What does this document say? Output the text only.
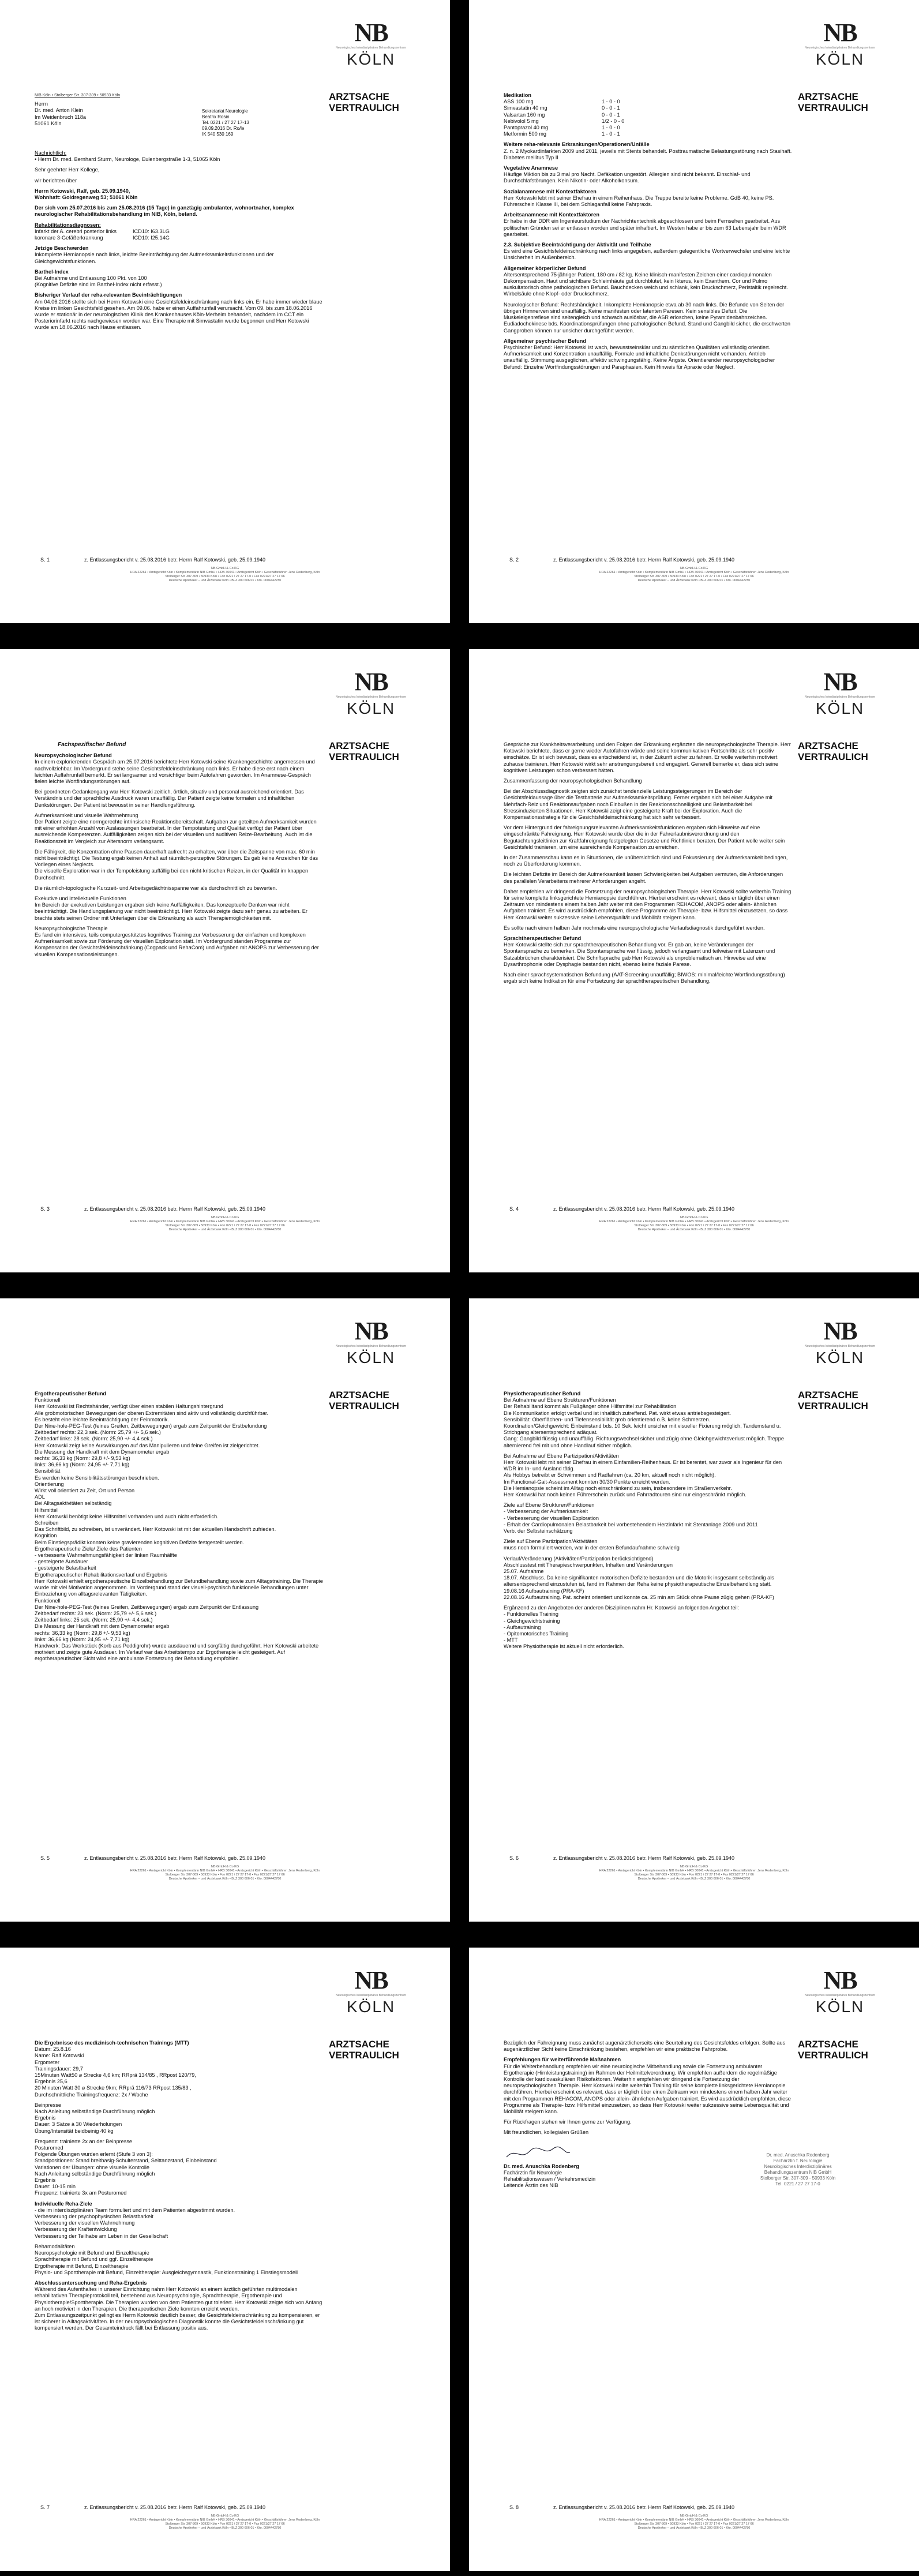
NB
Neurologisches Interdisziplinäres Behandlungszentrum
KÖLN
ARZTSACHE
VERTRAULICH
Sekretariat Neurologie
Beatrix Rosin
Tel. 0221 / 27 27 17-13
09.09.2016 Dr. Ro/le
IK 540 530 169
NIB Köln • Stolberger Str. 307-309 • 50933 Köln
Herrn
Dr. med. Anton Klein
Im Weidenbruch 118a
51061 Köln
Nachrichtlich:
• Herrn Dr. med. Bernhard Sturm, Neurologe, Eulenbergstraße 1-3, 51065 Köln
Sehr geehrter Herr Kollege,
wir berichten über
Herrn Kotowski, Ralf, geb. 25.09.1940,
Wohnhaft: Goldregenweg 53; 51061 Köln
Der sich vom 25.07.2016 bis zum 25.08.2016 (15 Tage) in ganztägig ambulanter, wohnortnaher, komplex neurologischer Rehabilitationsbehandlung im NIB, Köln, befand.
Rehabilitationsdiagnosen:
Infarkt der A. cerebri posterior links	ICD10: I63.3LG
koronare 3-Gefäßerkrankung	ICD10: I25.14G
Jetzige Beschwerden
Inkomplette Hemianopsie nach links, leichte Beeinträchtigung der Aufmerksamkeitsfunktionen und der Gleichgewichtsfunktionen.
Barthel-Index
Bei Aufnahme und Entlassung 100 Pkt. von 100
(Kognitive Defizite sind im Barthel-Index nicht erfasst.)
Bisheriger Verlauf der reha-relevanten Beeinträchtigungen
Am 04.06.2016 stellte sich bei Herrn Kotowski eine Gesichtsfeldeinschränkung nach links ein. Er habe immer wieder blaue Kreise im linken Gesichtsfeld gesehen. Am 09.06. habe er einen Auffahrunfall verursacht. Vom 09. bis zum 18.06.2016 wurde er stationär in der neurologischen Klinik des Krankenhauses Köln-Merheim behandelt, nachdem im CCT ein Posteriorinfarkt rechts nachgewiesen worden war. Eine Therapie mit Simvastatin wurde begonnen und Herr Kotowski wurde am 18.06.2016 nach Hause entlassen.
S. 1	z. Entlassungsbericht v. 25.08.2016 betr. Herrn Ralf Kotowski, geb. 25.09.1940
NB GmbH & Co KG
HRA 22261 • Amtsgericht Köln • Komplementärin NIB GmbH • HRB 30041 • Amtsgericht Köln • Geschäftsführer: Jens Rodenberg, Köln
Stolberger Str. 307-309 • 50933 Köln • Fon 0221 / 27 27 17-0 • Fax 0221/27 27 17 66
Deutsche Apotheker – und Ärztebank Köln • BLZ 300 606 01 • Kto. 0004442780
NB
Neurologisches Interdisziplinäres Behandlungszentrum
KÖLN
ARZTSACHE
VERTRAULICH
Medikation
ASS 100 mg	1 - 0 - 0
Simvastatin 40 mg	0 - 0 - 1
Valsartan 160 mg	0 - 0 - 1
Nebivolol 5 mg	1/2 - 0 - 0
Pantoprazol 40 mg	1 - 0 - 0
Metformin 500 mg	1 - 0 - 1
Weitere reha-relevante Erkrankungen/Operationen/Unfälle
Z. n. 2 Myokardinfarkten 2009 und 2011, jeweils mit Stents behandelt. Posttraumatische Belastungsstörung nach Stasihaft. Diabetes mellitus Typ II
Vegetative Anamnese
Häufige Miktion bis zu 3 mal pro Nacht. Defäkation ungestört. Allergien sind nicht bekannt. Einschlaf- und Durchschlafstörungen. Kein Nikotin- oder Alkoholkonsum.
Sozialanamnese mit Kontextfaktoren
Herr Kotowski lebt mit seiner Ehefrau in einem Reihenhaus. Die Treppe bereite keine Probleme. GdB 40, keine PS. Führerschein Klasse III, bei dem Schlaganfall keine Fahrpraxis.
Arbeitsanamnese mit Kontextfaktoren
Er habe in der DDR ein Ingenieurstudium der Nachrichtentechnik abgeschlossen und beim Fernsehen gearbeitet. Aus politischen Gründen sei er entlassen worden und später inhaftiert. Im Westen habe er bis zum 63 Lebensjahr beim WDR gearbeitet.
2.3. Subjektive Beeinträchtigung der Aktivität und Teilhabe
Es wird eine Gesichtsfeldeinschränkung nach links angegeben, außerdem gelegentliche Wortverwechsler und eine leichte Unsicherheit im Außenbereich.
Allgemeiner körperlicher Befund
Altersentsprechend 75-jähriger Patient, 180 cm / 82 kg. Keine klinisch-manifesten Zeichen einer cardiopulmonalen Dekompensation. Haut und sichtbare Schleimhäute gut durchblutet, kein Ikterus, kein Exanthem. Cor und Pulmo auskultatorisch ohne pathologischen Befund. Bauchdecken weich und schlank, kein Druckschmerz, Peristaltik regelrecht. Wirbelsäule ohne Klopf- oder Druckschmerz.
Neurologischer Befund: Rechtshändigkeit. Inkomplette Hemianopsie etwa ab 30 nach links. Die Befunde von Seiten der übrigen Hirnnerven sind unauffällig. Keine manifesten oder latenten Paresen. Kein sensibles Defizit. Die Muskeleigenreflexe sind seitengleich und schwach auslösbar, die ASR erloschen, keine Pyramidenbahnzeichen. Eudiadochokinese bds. Koordinationsprüfungen ohne pathologischen Befund. Stand und Gangbild sicher, die erschwerten Gangproben können nur unsicher durchgeführt werden.
Allgemeiner psychischer Befund
Psychischer Befund: Herr Kotowski ist wach, bewusstseinsklar und zu sämtlichen Qualitäten vollständig orientiert. Aufmerksamkeit und Konzentration unauffällig. Formale und inhaltliche Denkstörungen nicht vorhanden. Antrieb unauffällig. Stimmung ausgeglichen, affektiv schwingungsfähig. Keine Ängste. Orientierender neuropsychologischer Befund: Einzelne Wortfindungsstörungen und Paraphasien. Kein Hinweis für Apraxie oder Neglect.
S. 2	z. Entlassungsbericht v. 25.08.2016 betr. Herrn Ralf Kotowski, geb. 25.09.1940
NB GmbH & Co KG
HRA 22261 • Amtsgericht Köln • Komplementärin NIB GmbH • HRB 30041 • Amtsgericht Köln • Geschäftsführer: Jens Rodenberg, Köln
Stolberger Str. 307-309 • 50933 Köln • Fon 0221 / 27 27 17-0 • Fax 0221/27 27 17 66
Deutsche Apotheker – und Ärztebank Köln • BLZ 300 606 01 • Kto. 0004442780
NB
Neurologisches Interdisziplinäres Behandlungszentrum
KÖLN
ARZTSACHE
VERTRAULICH
Fachspezifischer Befund
Neuropsychologischer Befund
In einem explorierenden Gespräch am 25.07.2016 berichtete Herr Kotowski seine Krankengeschichte angemessen und nachvollziehbar. Im Vordergrund stehe seine Gesichtsfeldeinschränkung nach links. Er habe diese erst nach einem leichten Auffahrunfall bemerkt. Er sei langsamer und vorsichtiger beim Autofahren geworden. Im Anamnese-Gespräch fielen leichte Wortfindungsstörungen auf.
Bei geordneten Gedankengang war Herr Kotowski zeitlich, örtlich, situativ und personal ausreichend orientiert. Das Verständnis und der sprachliche Ausdruck waren unauffällig. Der Patient zeigte keine formalen und inhaltlichen Denkstörungen. Der Patient ist bewusst in seiner Handlungsführung.
Aufmerksamkeit und visuelle Wahrnehmung
Der Patient zeigte eine normgerechte intrinsische Reaktionsbereitschaft. Aufgaben zur geteilten Aufmerksamkeit wurden mit einer erhöhten Anzahl von Auslassungen bearbeitet. In der Tempotestung und Qualität verfügt der Patient über ausreichende Kompetenzen. Auffälligkeiten zeigen sich bei der visuellen und auditiven Reize-Bearbeitung. Auch ist die Reaktionszeit im Vergleich zur Altersnorm verlangsamt.
Die Fähigkeit, die Konzentration ohne Pausen dauerhaft aufrecht zu erhalten, war über die Zeitspanne von max. 60 min nicht beeinträchtigt. Die Testung ergab keinen Anhalt auf räumlich-perzeptive Störungen. Es gab keine Anzeichen für das Vorliegen eines Neglects.
Die visuelle Exploration war in der Tempoleistung auffällig bei den nicht-kritischen Reizen, in der Qualität im knappen Durchschnitt.
Die räumlich-topologische Kurzzeit- und Arbeitsgedächtnisspanne war als durchschnittlich zu bewerten.
Exekutive und intellektuelle Funktionen
Im Bereich der exekutiven Leistungen ergaben sich keine Auffälligkeiten. Das konzeptuelle Denken war nicht beeinträchtigt. Die Handlungsplanung war nicht beeinträchtigt. Herr Kotowski zeigte dazu sehr genau zu arbeiten. Er brachte stets seinen Ordner mit Unterlagen über die Erkrankung als auch Therapiemöglichkeiten mit.
Neuropsychologische Therapie
Es fand ein intensives, teils computergestütztes kognitives Training zur Verbesserung der einfachen und komplexen Aufmerksamkeit sowie zur Förderung der visuellen Exploration statt. Im Vordergrund standen Programme zur Kompensation der Gesichtsfeldeinschränkung (Cogpack und RehaCom) und Aufgaben mit ANOPS zur Verbesserung der visuellen Kompensationsleistungen.
S. 3	z. Entlassungsbericht v. 25.08.2016 betr. Herrn Ralf Kotowski, geb. 25.09.1940
NB GmbH & Co KG
HRA 22261 • Amtsgericht Köln • Komplementärin NIB GmbH • HRB 30041 • Amtsgericht Köln • Geschäftsführer: Jens Rodenberg, Köln
Stolberger Str. 307-309 • 50933 Köln • Fon 0221 / 27 27 17-0 • Fax 0221/27 27 17 66
Deutsche Apotheker – und Ärztebank Köln • BLZ 300 606 01 • Kto. 0004442780
NB
Neurologisches Interdisziplinäres Behandlungszentrum
KÖLN
ARZTSACHE
VERTRAULICH
Gespräche zur Krankheitsverarbeitung und den Folgen der Erkrankung ergänzten die neuropsychologische Therapie. Herr Kotowski berichtete, dass er gerne wieder Autofahren würde und seine kommunikativen Fortschritte als sehr positiv einschätze. Er ist sich bewusst, dass es entscheidend ist, in der Zukunft sicher zu fahren. Er wolle weiterhin motiviert zuhause trainieren. Herr Kotowski wirkt sehr anstrengungsbereit und engagiert. Generell bemerke er, dass sich seine kognitiven Leistungen schon verbessert hätten.
Zusammenfassung der neuropsychologischen Behandlung
Bei der Abschlussdiagnostik zeigten sich zunächst tendenzielle Leistungssteigerungen im Bereich der Gesichtsfeldaussage über die Testbatterie zur Aufmerksamkeitsprüfung. Ferner ergaben sich bei einer Aufgabe mit Mehrfach-Reiz und Reaktionsaufgaben noch Einbußen in der Reaktionsschnelligkeit und Belastbarkeit bei Stressinduzierten Situationen. Herr Kotowski zeigt eine gesteigerte Kraft bei der Exploration. Auch die Kompensationsstrategie für die Gesichtsfeldeinschränkung hat sich sehr verbessert.
Vor dem Hintergrund der fahreignungsrelevanten Aufmerksamkeitsfunktionen ergaben sich Hinweise auf eine eingeschränkte Fahreignung. Herr Kotowski wurde über die in der Fahrerlaubnisverordnung und den Begutachtungsleitlinien zur Kraftfahreignung festgelegten Gesetze und Richtlinien beraten. Der Patient wolle weiter sein Gesichtsfeld trainieren, um eine ausreichende Kompensation zu erreichen.
In der Zusammenschau kann es in Situationen, die unübersichtlich sind und Fokussierung der Aufmerksamkeit bedingen, noch zu Überforderung kommen.
Die leichten Defizite im Bereich der Aufmerksamkeit lassen Schwierigkeiten bei Aufgaben vermuten, die Anforderungen des parallelen Verarbeitens mehrerer Anforderungen angeht.
Daher empfehlen wir dringend die Fortsetzung der neuropsychologischen Therapie. Herr Kotowski sollte weiterhin Training für seine komplette linksgerichtete Hemianopsie durchführen. Hierbei erscheint es relevant, dass er täglich über einen Zeitraum von mindestens einem halben Jahr weiter mit den Programmen REHACOM, ANOPS oder allein- ähnlichen Aufgaben trainiert. Es wird ausdrücklich empfohlen, diese Programme als Therapie- bzw. Hilfsmittel einzusetzen, so dass Herr Kotowski weiter sukzessive seine Lebensqualität und Mobilität steigern kann.
Es sollte nach einem halben Jahr nochmals eine neuropsychologische Verlaufsdiagnostik durchgeführt werden.
Sprachtherapeutischer Befund
Herr Kotowski stellte sich zur sprachtherapeutischen Behandlung vor. Er gab an, keine Veränderungen der Spontansprache zu bemerken. Die Spontansprache war flüssig, jedoch verlangsamt und teilweise mit Latenzen und Satzabbrüchen charakterisiert. Die Schriftsprache gab Herr Kotowski als unproblematisch an. Hinweise auf eine Dysarthrophonie oder Dysphagie bestanden nicht, ebenso keine faziale Parese.
Nach einer sprachsystematischen Befundung (AAT-Screening unauffällig; BIWOS: minimal/leichte Wortfindungsstörung) ergab sich keine Indikation für eine Fortsetzung der sprachtherapeutischen Behandlung.
S. 4	z. Entlassungsbericht v. 25.08.2016 betr. Herrn Ralf Kotowski, geb. 25.09.1940
NB GmbH & Co KG
HRA 22261 • Amtsgericht Köln • Komplementärin NIB GmbH • HRB 30041 • Amtsgericht Köln • Geschäftsführer: Jens Rodenberg, Köln
Stolberger Str. 307-309 • 50933 Köln • Fon 0221 / 27 27 17-0 • Fax 0221/27 27 17 66
Deutsche Apotheker – und Ärztebank Köln • BLZ 300 606 01 • Kto. 0004442780
NB
Neurologisches Interdisziplinäres Behandlungszentrum
KÖLN
ARZTSACHE
VERTRAULICH
Ergotherapeutischer Befund
Funktionell
Herr Kotowski ist Rechtshänder, verfügt über einen stabilen Haltungshintergrund
Alle grobmotorischen Bewegungen der oberen Extremitäten sind aktiv und vollständig durchführbar.
Es besteht eine leichte Beeinträchtigung der Feinmotorik.
Der Nine-hole-PEG-Test (feines Greifen, Zeitbewegungen) ergab zum Zeitpunkt der Erstbefundung
Zeitbedarf rechts: 22,3 sek. (Norm: 25,79 +/- 5,6 sek.)
Zeitbedarf links: 28 sek. (Norm: 25,90 +/- 4,4 sek.)
Herr Kotowski zeigt keine Auswirkungen auf das Manipulieren und feine Greifen ist zielgerichtet.
Die Messung der Handkraft mit dem Dynamometer ergab
rechts: 36,33 kg (Norm: 29,8 +/- 9,53 kg)
links: 36,66 kg (Norm: 24,95 +/- 7,71 kg)
Sensibilität
Es werden keine Sensibilitätsstörungen beschrieben.
Orientierung
Wirkt voll orientiert zu Zeit, Ort und Person
ADL
Bei Alltagsaktivitäten selbständig
Hilfsmittel
Herr Kotowski benötigt keine Hilfsmittel vorhanden und auch nicht erforderlich.
Schreiben
Das Schriftbild, zu schreiben, ist unverändert. Herr Kotowski ist mit der aktuellen Handschrift zufrieden.
Kognition
Beim Einstiegsprädikt konnten keine gravierenden kognitiven Defizite festgestellt werden.
Ergotherapeutische Ziele/ Ziele des Patienten
- verbesserte Wahrnehmungsfähigkeit der linken Raumhälfte
- gesteigerte Ausdauer
- gesteigerte Belastbarkeit
Ergotherapeutischer Rehabilitationsverlauf und Ergebnis
Herr Kotowski erhielt ergotherapeutische Einzelbehandlung zur Befundbehandlung sowie zum Alltagstraining. Die Therapie wurde mit viel Motivation angenommen. Im Vordergrund stand der visuell-psychisch funktionelle Behandlungen unter Einbeziehung von alltagsrelevanten Tätigkeiten.
Funktionell
Der Nine-hole-PEG-Test (feines Greifen, Zeitbewegungen) ergab zum Zeitpunkt der Entlassung
Zeitbedarf rechts: 23 sek. (Norm: 25,79 +/- 5,6 sek.)
Zeitbedarf links: 25 sek. (Norm: 25,90 +/- 4,4 sek.)
Die Messung der Handkraft mit dem Dynamometer ergab
rechts: 36,33 kg (Norm: 29,8 +/- 9,53 kg)
links: 36,66 kg (Norm: 24,95 +/- 7,71 kg)
Handwerk: Das Werkstück (Korb aus Peddigrohr) wurde ausdauernd und sorgfältig durchgeführt. Herr Kotowski arbeitete motiviert und zeigte gute Ausdauer. Im Verlauf war das Arbeitstempo zur Ergotherapie leicht gesteigert. Auf ergotherapeutischer Sicht wird eine ambulante Fortsetzung der Behandlung empfohlen.
S. 5	z. Entlassungsbericht v. 25.08.2016 betr. Herrn Ralf Kotowski, geb. 25.09.1940
NB GmbH & Co KG
HRA 22261 • Amtsgericht Köln • Komplementärin NIB GmbH • HRB 30041 • Amtsgericht Köln • Geschäftsführer: Jens Rodenberg, Köln
Stolberger Str. 307-309 • 50933 Köln • Fon 0221 / 27 27 17-0 • Fax 0221/27 27 17 66
Deutsche Apotheker – und Ärztebank Köln • BLZ 300 606 01 • Kto. 0004442780
NB
Neurologisches Interdisziplinäres Behandlungszentrum
KÖLN
ARZTSACHE
VERTRAULICH
Physiotherapeutischer Befund
Bei Aufnahme auf Ebene Strukturen/Funktionen
Der Rehabilitand kommt als Fußgänger ohne Hilfsmittel zur Rehabilitation
Die Kommunikation erfolgt verbal und ist inhaltlich zutreffend. Pat. wirkt etwas antriebsgesteigert.
Sensibilität: Oberflächen- und Tiefensensibilität grob orientierend o.B. keine Schmerzen.
Koordination/Gleichgewicht: Einbeinstand bds. 10 Sek. leicht unsicher mit visueller Fixierung möglich, Tandemstand u. Strichgang altersentsprechend adäquat.
Gang: Gangbild flüssig und unauffällig. Richtungswechsel sicher und zügig ohne Gleichgewichtsverlust möglich. Treppe alternierend frei mit und ohne Handlauf sicher möglich.
Bei Aufnahme auf Ebene Partizipation/Aktivitäten
Herr Kotowski lebt mit seiner Ehefrau in einem Einfamilien-Reihenhaus. Er ist berentet, war zuvor als Ingenieur für den WDR im In- und Ausland tätig.
Als Hobbys betreibt er Schwimmen und Radfahren (ca. 20 km, aktuell noch nicht möglich).
Im Functional-Gait-Assessment konnten 30/30 Punkte erreicht werden.
Die Hemianopsie scheint im Alltag noch einschränkend zu sein, insbesondere im Straßenverkehr.
Herr Kotowski hat noch keinen Führerschein zurück und Fahrradtouren sind nur eingeschränkt möglich.
Ziele auf Ebene Strukturen/Funktionen
- Verbesserung der Aufmerksamkeit
- Verbesserung der visuellen Exploration
- Erhalt der Cardiopulmonalen Belastbarkeit bei vorbestehendem Herzinfarkt mit Stentanlage 2009 und 2011
Verb. der Selbsteinschätzung
Ziele auf Ebene Partizipation/Aktivitäten
muss noch formuliert werden, war in der ersten Befundaufnahme schwierig
Verlauf/Veränderung (Aktivitäten/Partizipation berücksichtigend)
Abschlusstest mit Therapieschwerpunkten, Inhalten und Veränderungen
25.07. Aufnahme
18.07. Abschluss. Da keine signifikanten motorischen Defizite bestanden und die Motorik insgesamt selbständig als altersentsprechend einzustufen ist, fand im Rahmen der Reha keine physiotherapeutische Einzelbehandlung statt.
19.08.16 Aufbautraining (PRA-KF)
22.08.16 Aufbautraining. Pat. scheint orientiert und konnte ca. 25 min am Stück ohne Pause zügig gehen (PRA-KF)
Ergänzend zu den Angeboten der anderen Disziplinen nahm Hr. Kotowski an folgenden Angebot teil:
- Funktionelles Training
- Gleichgewichtstraining
- Aufbautraining
- Opitomotorisches Training
- MTT
Weitere Physiotherapie ist aktuell nicht erforderlich.
S. 6	z. Entlassungsbericht v. 25.08.2016 betr. Herrn Ralf Kotowski, geb. 25.09.1940
NB GmbH & Co KG
HRA 22261 • Amtsgericht Köln • Komplementärin NIB GmbH • HRB 30041 • Amtsgericht Köln • Geschäftsführer: Jens Rodenberg, Köln
Stolberger Str. 307-309 • 50933 Köln • Fon 0221 / 27 27 17-0 • Fax 0221/27 27 17 66
Deutsche Apotheker – und Ärztebank Köln • BLZ 300 606 01 • Kto. 0004442780
NB
Neurologisches Interdisziplinäres Behandlungszentrum
KÖLN
ARZTSACHE
VERTRAULICH
Die Ergebnisse des medizinisch-technischen Trainings (MTT)
Datum: 25.8.16
Name: Ralf Kotowski
Ergometer
Trainingsdauer: 29,7
15Minuten Watt50 ⌀ Strecke 4,6 km; RRprä 134/85 , RRpost 120/79,
Ergebnis 25,6
20 Minuten Watt 30 ⌀ Strecke 9km; RRprä 116/73 RRpost 135/83 ,
Durchschnittliche Trainingsfrequenz: 2x / Woche
Beinpresse
Nach Anleitung selbständige Durchführung möglich
Ergebnis
Dauer: 3 Sätze à 30 Wiederholungen
Übung/Intensität beidbeinig 40 kg
Frequenz: trainierte 2x an der Beinpresse
Posturomed
Folgende Übungen wurden erlernt (Stufe 3 von 3):
Standpositionen: Stand breitbasig-Schulterstand, Seittanzstand, Einbeinstand
Variationen der Übungen: ohne visuelle Kontrolle
Nach Anleitung selbständige Durchführung möglich
Ergebnis
Dauer: 10-15 min
Frequenz: trainierte 3x am Posturomed
Individuelle Reha-Ziele
- die im interdisziplinären Team formuliert und mit dem Patienten abgestimmt wurden.
Verbesserung der psychophysischen Belastbarkeit
Verbesserung der visuellen Wahrnehmung
Verbesserung der Kraftentwicklung
Verbesserung der Teilhabe am Leben in der Gesellschaft
Rehamodalitäten
Neuropsychologie mit Befund und Einzeltherapie
Sprachtherapie mit Befund und ggf. Einzeltherapie
Ergotherapie mit Befund, Einzeltherapie
Physio- und Sporttherapie mit Befund, Einzeltherapie: Ausgleichsgymnastik, Funktionstraining 1 Einstiegsmodell
Abschlussuntersuchung und Reha-Ergebnis
Während des Aufenthaltes in unserer Einrichtung nahm Herr Kotowski an einem ärztlich geführten multimodalen rehabilitativen Therapieprotokoll teil, bestehend aus Neuropsychologie, Sprachtherapie, Ergotherapie und Physiotherapie/Sporttherapie. Die Therapien wurden von dem Patienten gut toleriert. Herr Kotowski zeigte sich von Anfang an hoch motiviert in den Therapien. Die therapeutischen Ziele konnten erreicht werden.
Zum Entlassungszeitpunkt gelingt es Herrn Kotowski deutlich besser, die Gesichtsfeldeinschränkung zu kompensieren, er ist sicherer in Alltagsaktivitäten. In der neuropsychologischen Diagnostik konnte die Gesichtsfeldeinschränkung gut kompensiert werden. Der Gesamteindruck fällt bei Entlassung positiv aus.
S. 7	z. Entlassungsbericht v. 25.08.2016 betr. Herrn Ralf Kotowski, geb. 25.09.1940
NB GmbH & Co KG
HRA 22261 • Amtsgericht Köln • Komplementärin NIB GmbH • HRB 30041 • Amtsgericht Köln • Geschäftsführer: Jens Rodenberg, Köln
Stolberger Str. 307-309 • 50933 Köln • Fon 0221 / 27 27 17-0 • Fax 0221/27 27 17 66
Deutsche Apotheker – und Ärztebank Köln • BLZ 300 606 01 • Kto. 0004442780
NB
Neurologisches Interdisziplinäres Behandlungszentrum
KÖLN
ARZTSACHE
VERTRAULICH
Dr. med. Anuschka Rodenberg
Fachärztin f. Neurologie
Neurologisches Interdisziplinäres
Behandlungszentrum NIB GmbH
Stolberger Str. 307-309 - 50933 Köln
Tel. 0221 / 27 27 17-0
Bezüglich der Fahreignung muss zunächst augenärztlicherseits eine Beurteilung des Gesichtsfeldes erfolgen. Sollte aus augenärztlicher Sicht keine Einschränkung bestehen, empfehlen wir eine praktische Fahrprobe.
Empfehlungen für weiterführende Maßnahmen
Für die Weiterbehandlung empfehlen wir eine neurologische Mitbehandlung sowie die Fortsetzung ambulanter Ergotherapie (Hirnleistungstraining) im Rahmen der Heilmittelverordnung. Wir empfehlen außerdem die regelmäßige Kontrolle der kardiovaskulären Risikofaktoren. Weiterhin empfehlen wir dringend die Fortsetzung der neuropsychologischen Therapie. Herr Kotowski sollte weiterhin Training für seine komplette linksgerichtete Hemianopsie durchführen. Hierbei erscheint es relevant, dass er täglich über einen Zeitraum von mindestens einem halben Jahr weiter mit den Programmen REHACOM, ANOPS oder allein- ähnlichen Aufgaben trainiert. Es wird ausdrücklich empfohlen, diese Programme als Therapie- bzw. Hilfsmittel einzusetzen, so dass Herr Kotowski weiter sukzessive seine Lebensqualität und Mobilität steigern kann.
Für Rückfragen stehen wir Ihnen gerne zur Verfügung.
Mit freundlichen, kollegialen Grüßen
Dr. med. Anuschka Rodenberg
Fachärztin für Neurologie
Rehabilitationswesen / Verkehrsmedizin
Leitende Ärztin des NIB
S. 8	z. Entlassungsbericht v. 25.08.2016 betr. Herrn Ralf Kotowski, geb. 25.09.1940
NB GmbH & Co KG
HRA 22261 • Amtsgericht Köln • Komplementärin NIB GmbH • HRB 30041 • Amtsgericht Köln • Geschäftsführer: Jens Rodenberg, Köln
Stolberger Str. 307-309 • 50933 Köln • Fon 0221 / 27 27 17-0 • Fax 0221/27 27 17 66
Deutsche Apotheker – und Ärztebank Köln • BLZ 300 606 01 • Kto. 0004442780
